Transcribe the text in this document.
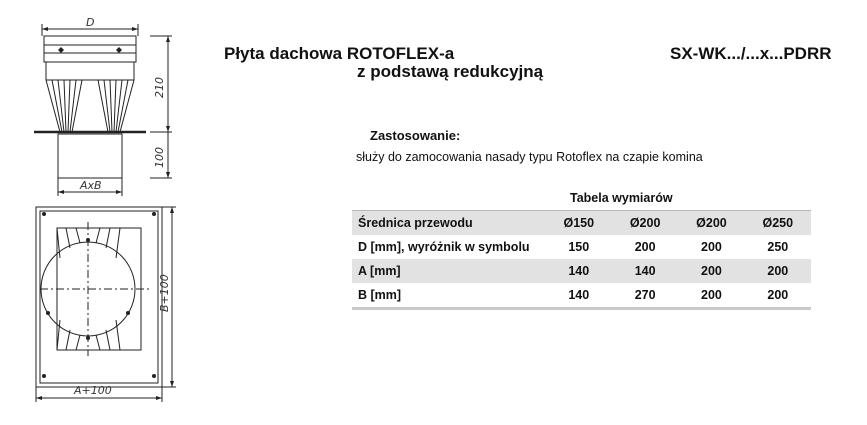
D
210
100
AxB
B+100
A+100
Płyta dachowa ROTOFLEX-a
z podstawą redukcyjną
SX-WK.../...x...PDRR
Zastosowanie:
służy do zamocowania nasady typu Rotoflex na czapie komina
Tabela wymiarów
Średnica przewodu	Ø150	Ø200	Ø200	Ø250
D [mm], wyróżnik w symbolu	150	200	200	250
A [mm]	140	140	200	200
B [mm]	140	270	200	200
